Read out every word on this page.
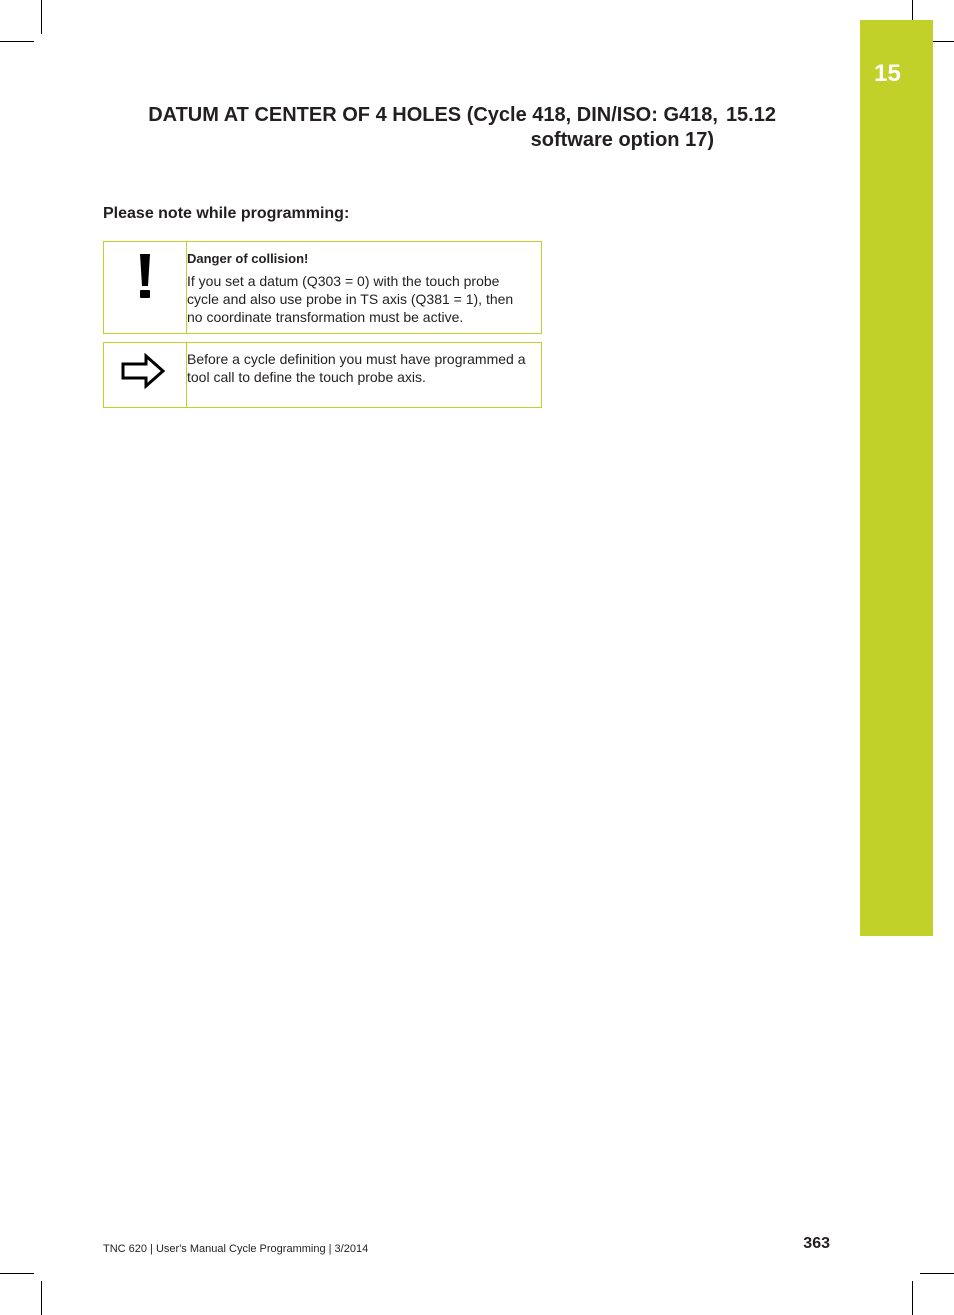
15
DATUM AT CENTER OF 4 HOLES (Cycle 418, DIN/ISO: G418, 15.12
software option 17)
Please note while programming:
Danger of collision!
If you set a datum (Q303 = 0) with the touch probe cycle and also use probe in TS axis (Q381 = 1), then no coordinate transformation must be active.
Before a cycle definition you must have programmed a tool call to define the touch probe axis.
TNC 620 | User's Manual Cycle Programming | 3/2014	363
